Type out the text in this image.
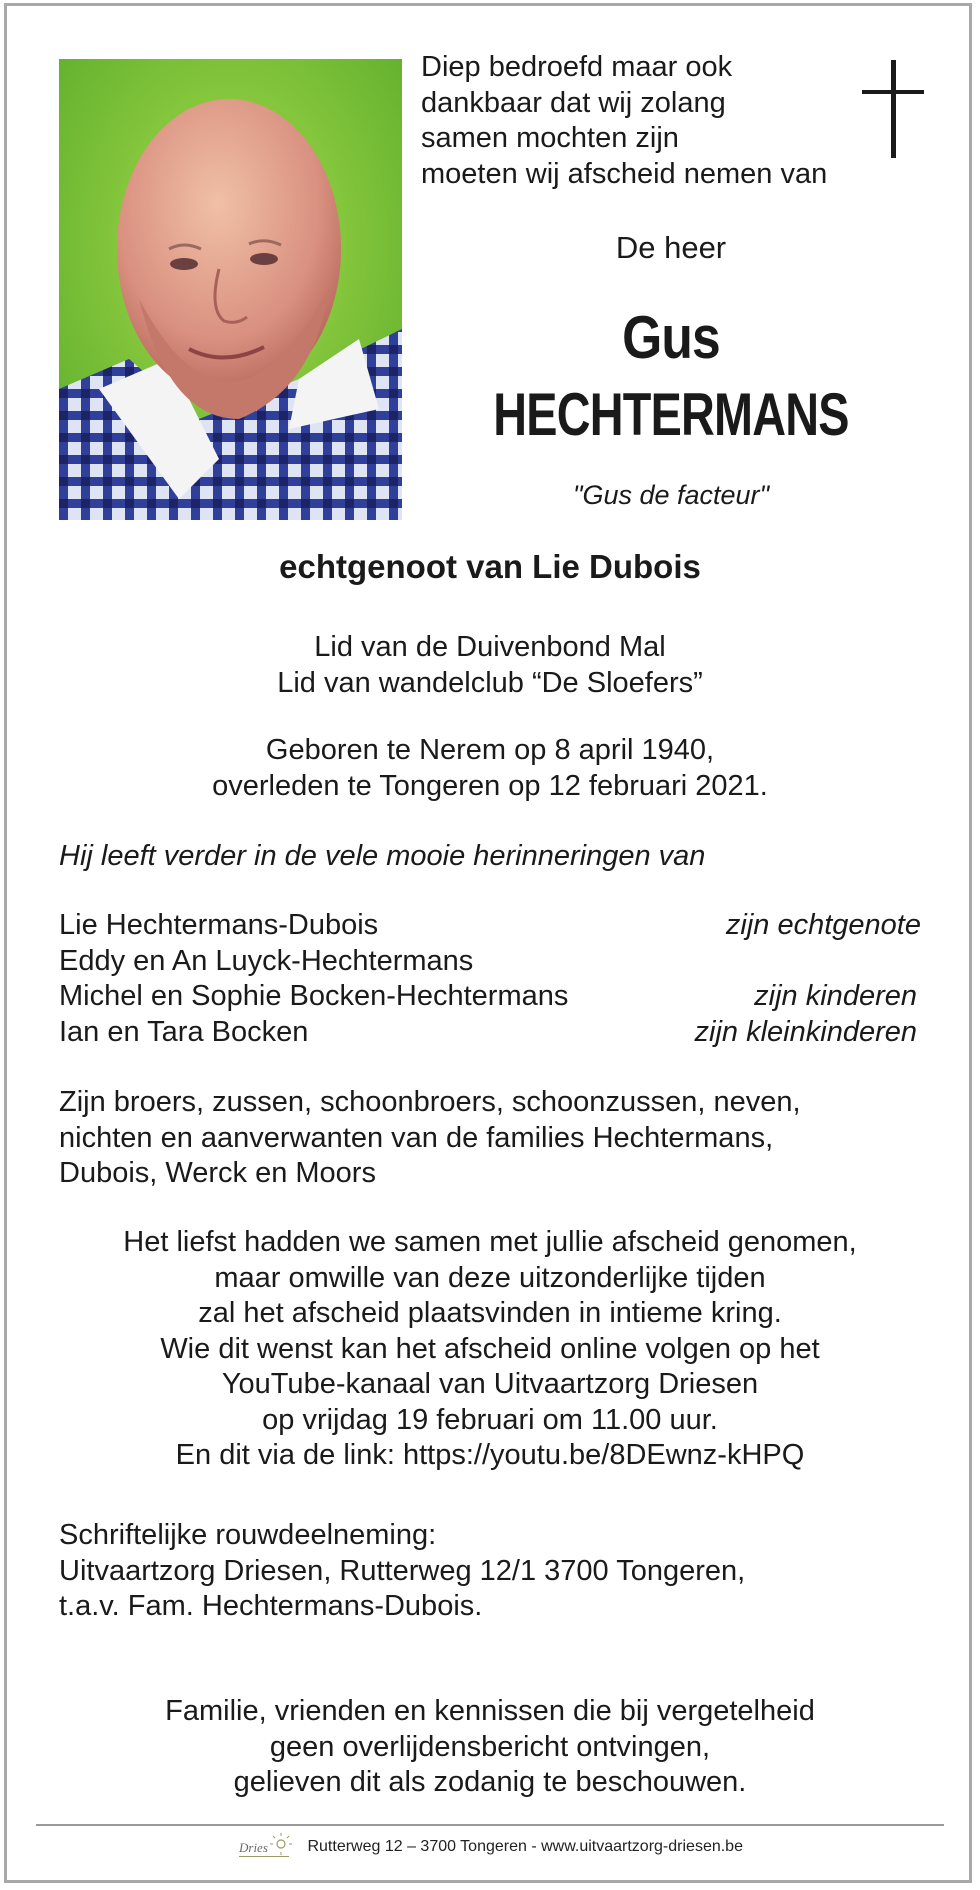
Diep bedroefd maar ook
dankbaar dat wij zolang
samen mochten zijn
moeten wij afscheid nemen van
De heer
Gus
HECHTERMANS
"Gus de facteur"
echtgenoot van Lie Dubois
Lid van de Duivenbond Mal
Lid van wandelclub “De Sloefers”
Geboren te Nerem op 8 april 1940,
overleden te Tongeren op 12 februari 2021.
Hij leeft verder in de vele mooie herinneringen van
Lie Hechtermans-Dubois	zijn echtgenote
Eddy en An Luyck-Hechtermans
Michel en Sophie Bocken-Hechtermans	zijn kinderen
Ian en Tara Bocken	zijn kleinkinderen
Zijn broers, zussen, schoonbroers, schoonzussen, neven,
nichten en aanverwanten van de families Hechtermans,
Dubois, Werck en Moors
Het liefst hadden we samen met jullie afscheid genomen,
maar omwille van deze uitzonderlijke tijden
zal het afscheid plaatsvinden in intieme kring.
Wie dit wenst kan het afscheid online volgen op het
YouTube-kanaal van Uitvaartzorg Driesen
op vrijdag 19 februari om 11.00 uur.
En dit via de link: https://youtu.be/8DEwnz-kHPQ
Schriftelijke rouwdeelneming:
Uitvaartzorg Driesen, Rutterweg 12/1 3700 Tongeren,
t.a.v. Fam. Hechtermans-Dubois.
Familie, vrienden en kennissen die bij vergetelheid
geen overlijdensbericht ontvingen,
gelieven dit als zodanig te beschouwen.
Dries Rutterweg 12 – 3700 Tongeren - www.uitvaartzorg-driesen.be
